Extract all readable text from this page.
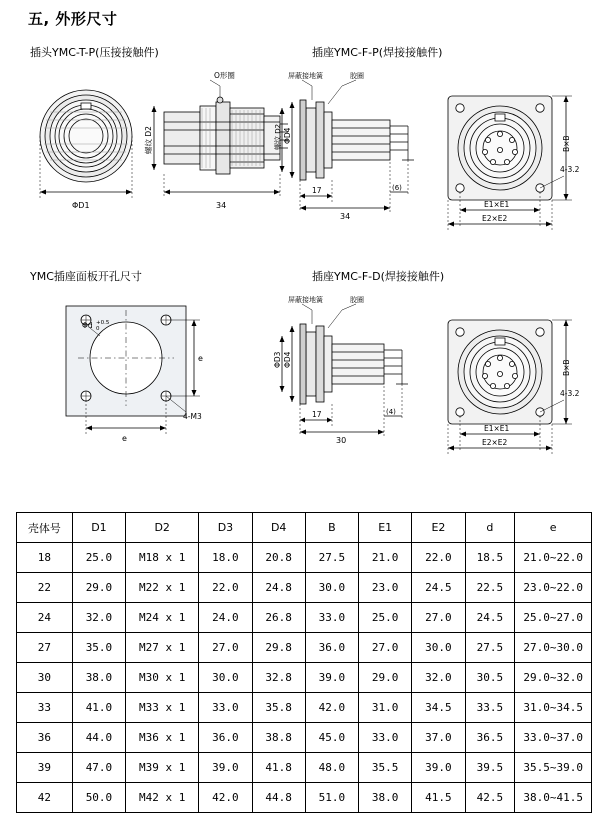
五, 外形尺寸
插头YMC-T-P(压接接触件)	插座YMC-F-P(焊接接触件)
YMC插座面板开孔尺寸	插座YMC-F-D(焊接接触件)
ΦD1
O形圈
34
螺纹 D2
屏蔽接地簧	胶圈
ΦD4
螺纹 D2
17
34
(6)
B×B
E1×E1
E2×E2
4-3.2
Φd +0.5
0
e
e
4-M3
屏蔽接地簧	胶圈
ΦD4
ΦD3
17
30
(4)
B×B
E1×E1
E2×E2
4-3.2
壳体号	D1	D2	D3	D4	B	E1	E2	d	e
18	25.0	M18 x 1	18.0	20.8	27.5	21.0	22.0	18.5	21.0~22.0
22	29.0	M22 x 1	22.0	24.8	30.0	23.0	24.5	22.5	23.0~22.0
24	32.0	M24 x 1	24.0	26.8	33.0	25.0	27.0	24.5	25.0~27.0
27	35.0	M27 x 1	27.0	29.8	36.0	27.0	30.0	27.5	27.0~30.0
30	38.0	M30 x 1	30.0	32.8	39.0	29.0	32.0	30.5	29.0~32.0
33	41.0	M33 x 1	33.0	35.8	42.0	31.0	34.5	33.5	31.0~34.5
36	44.0	M36 x 1	36.0	38.8	45.0	33.0	37.0	36.5	33.0~37.0
39	47.0	M39 x 1	39.0	41.8	48.0	35.5	39.0	39.5	35.5~39.0
42	50.0	M42 x 1	42.0	44.8	51.0	38.0	41.5	42.5	38.0~41.5
